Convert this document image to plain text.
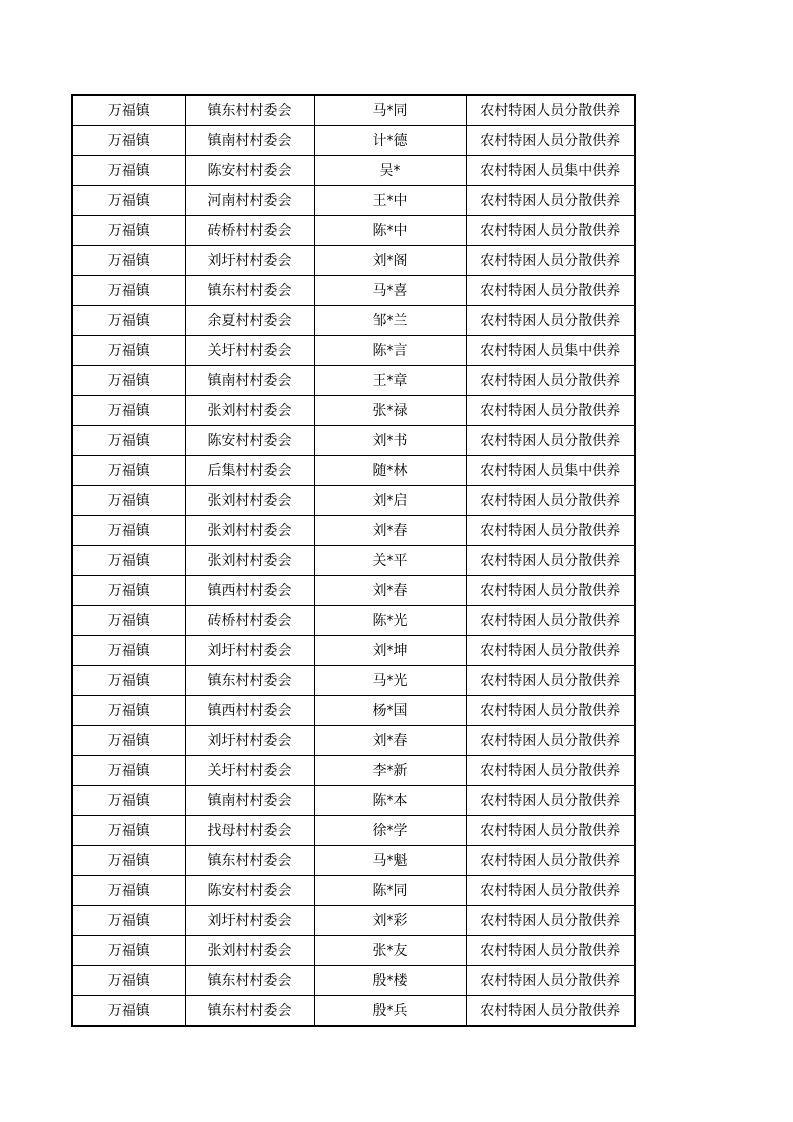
万福镇	镇东村村委会	马*同	农村特困人员分散供养
万福镇	镇南村村委会	计*德	农村特困人员分散供养
万福镇	陈安村村委会	吴*	农村特困人员集中供养
万福镇	河南村村委会	王*中	农村特困人员分散供养
万福镇	砖桥村村委会	陈*中	农村特困人员分散供养
万福镇	刘圩村村委会	刘*阁	农村特困人员分散供养
万福镇	镇东村村委会	马*喜	农村特困人员分散供养
万福镇	余夏村村委会	邹*兰	农村特困人员分散供养
万福镇	关圩村村委会	陈*言	农村特困人员集中供养
万福镇	镇南村村委会	王*章	农村特困人员分散供养
万福镇	张刘村村委会	张*禄	农村特困人员分散供养
万福镇	陈安村村委会	刘*书	农村特困人员分散供养
万福镇	后集村村委会	随*林	农村特困人员集中供养
万福镇	张刘村村委会	刘*启	农村特困人员分散供养
万福镇	张刘村村委会	刘*春	农村特困人员分散供养
万福镇	张刘村村委会	关*平	农村特困人员分散供养
万福镇	镇西村村委会	刘*春	农村特困人员分散供养
万福镇	砖桥村村委会	陈*光	农村特困人员分散供养
万福镇	刘圩村村委会	刘*坤	农村特困人员分散供养
万福镇	镇东村村委会	马*光	农村特困人员分散供养
万福镇	镇西村村委会	杨*国	农村特困人员分散供养
万福镇	刘圩村村委会	刘*春	农村特困人员分散供养
万福镇	关圩村村委会	李*新	农村特困人员分散供养
万福镇	镇南村村委会	陈*本	农村特困人员分散供养
万福镇	找母村村委会	徐*学	农村特困人员分散供养
万福镇	镇东村村委会	马*魁	农村特困人员分散供养
万福镇	陈安村村委会	陈*同	农村特困人员分散供养
万福镇	刘圩村村委会	刘*彩	农村特困人员分散供养
万福镇	张刘村村委会	张*友	农村特困人员分散供养
万福镇	镇东村村委会	殷*楼	农村特困人员分散供养
万福镇	镇东村村委会	殷*兵	农村特困人员分散供养
